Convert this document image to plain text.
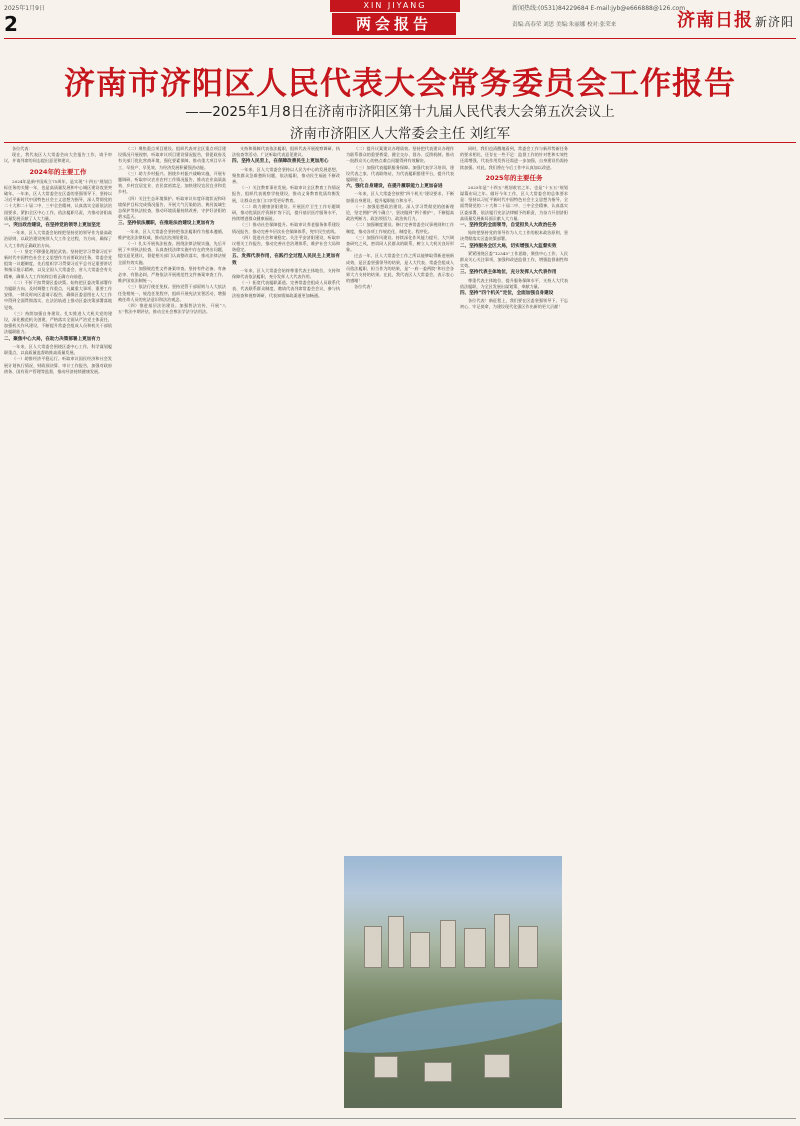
2025年1月9日	XIN JIYANG	新闻热线:(0531)84229684 E-mail:jyb@e666888@126.com
济南日报 新济阳
2	两会报告	责编:高春荣 刘思 美编:朱丽娜 校对:张荣来
济南市济阳区人民代表大会常务委员会工作报告
——2025年1月8日在济南市济阳区第十九届人民代表大会第五次会议上
济南市济阳区人大常委会主任 刘红军

各位代表：

现在，我代表区人大常委会向大会报告工作，请予审议，并请列席的同志提出意见和建议。

2024年的主要工作

2024年是新中国成立75周年，是实现“十四五”规划目标任务的关键一年，也是高质量发展和中心城区建设攻坚突破年。一年来，区人大常委会在区委的坚强领导下，坚持以习近平新时代中国特色社会主义思想为指导，深入贯彻党的二十大和二十届二中、三中全会精神，认真落实全面依法治国要求，紧扣全区中心工作，依法履职尽责，为推动济阳高质量发展贡献了人大力量。

一、突出政治建设，在坚持党的领导上更加坚定

一年来，区人大常委会始终把坚持党的领导作为最高政治原则，以政治建设统领人大工作全过程，为方向，确保了人大工作的正确政治方向。

（一）坚定不移强化理论武装。坚持把学习贯彻习近平新时代中国特色社会主义思想作为首要政治任务，常委会党组第一议题制度，先后组织学习贯彻习近平总书记重要讲话和指示批示精神，以及全国人大常委会、省人大常委会有关精神，确保人大工作始终沿着正确方向前进。

（二）不折不扣贯彻区委决策。始终把区委决策部署作为履职方向，及时调整工作重点，凡属重大事项、重要工作安排，一律及时向区委请示报告，确保区委意图在人大工作中得到全面贯彻落实，在法治轨道上推动区委决策部署落地见效。

（三）持续加强自身建设。扎实推进人大机关党的建设，深化模范机关创建，严格落实全面从严治党主体责任，加强机关作风建设，不断提升常委会组成人员和机关干部依法履职能力。

二、聚焦中心大局，在助力决策部署上更加有力

一年来，区人大常委会围绕区委中心工作，科学谋划履职重点，以高质量监督助推高质量发展。

（一）助推经济平稳运行。听取审议国民经济和社会发展计划执行情况、财政预决算、审计工作报告，加强对政府债务、国有资产管理等监督，推动经济持续健康发展。

（二）聚焦重点项目建设。组织代表对全区重点项目建设情况开展视察，听取审议项目建设情况报告，督促政府及有关部门优化营商环境，强化要素保障，推动重大项目早开工、早投产、早见效，为经济发展积蓄强劲动能。

（三）助力乡村振兴。围绕乡村振兴战略实施，开展专题调研，听取审议农业农村工作情况报告，推动农业高质高效、乡村宜居宜业、农民富裕富足，加快建设宜居宜业和美乡村。

（四）关注生态环境保护。听取审议年度环境状况和环境保护目标完成情况报告，开展大气污染防治、黄河流域生态保护等执法检查，推动环境质量持续改善，守护好济阳的碧水蓝天。

三、坚持依法履职，在推进法治建设上更加有为

一年来，区人大常委会坚持把依法履职作为根本遵循，维护宪法法律权威，推动法治济阳建设。

（一）扎实开展执法检查。围绕法律法规实施，先后开展了多项执法检查，认真查找法律实施中存在的突出问题，提出意见建议，督促相关部门认真整改落实，推动法律法规全面有效实施。

（二）加强规范性文件备案审查。坚持有件必备、有备必审、有错必纠，严格依法开展规范性文件备案审查工作，维护国家法制统一。

（三）依法行使任免权。坚持党管干部原则与人大依法任免相统一，规范任免程序，组织开展宪法宣誓活动，增强被任命人员的宪法意识和法治观念。

（四）推进基层法治建设。加强普法宣传，开展“八五”普法中期评估，推动全社会尊法学法守法用法。

支持和保障代表依法履职，组织代表开展视察调研、执法检查等活动，广泛听取代表意见建议。

四、坚持人民至上，在保障改善民生上更加用心

一年来，区人大常委会坚持以人民为中心的发展思想，聚焦群众急难愁盼问题，依法履职，推动民生福祉不断改善。

（一）关注教育事业发展。听取审议全区教育工作情况报告，组织代表视察学校建设，推动义务教育优质均衡发展，让群众在家门口享受更好教育。

（二）助力健康济阳建设。开展医疗卫生工作专题调研，推动优质医疗资源扩容下沉，提升基层医疗服务水平，持续增进群众健康福祉。

（三）推动社会保障提升。听取审议养老服务体系建设情况报告，推动完善多层次社会保障体系，兜牢民生底线。

（四）促进社会和谐稳定。关注平安济阳建设，听取审议相关工作报告，推动完善社会治理体系，维护社会大局和谐稳定。

五、发挥代表作用，在践行全过程人民民主上更加有效

一年来，区人大常委会始终尊重代表主体地位，支持和保障代表依法履职，充分发挥人大代表作用。

（一）拓宽代表履职渠道。完善常委会组成人员联系代表、代表联系群众制度，邀请代表列席常委会会议，参与执法检查和视察调研，代表知情知政渠道更加畅通。

（二）提升议案建议办理质效。坚持把代表建议办理作为联系群众的重要桥梁，健全交办、督办、反馈机制，推动一批群众关心的热点难点问题得到有效解决。

（三）加强代表履职服务保障。加强代表学习培训，建设代表之家、代表联络站，为代表履职搭建平台，提升代表履职能力。

六、强化自身建设，在提升履职能力上更加奋进

一年来，区人大常委会按照“四个机关”建设要求，不断加强自身建设，提升履职能力和水平。

（一）加强思想政治建设。深入学习贯彻党的创新理论，坚定拥护“两个确立”、坚决做到“两个维护”，不断提高政治判断力、政治领悟力、政治执行力。

（二）加强制度建设。修订完善常委会议事规则和工作制度，推动各项工作规范化、制度化、程序化。

（三）加强作风建设。持续深化作风能力提升，大兴调查研究之风，密切同人民群众的联系，树立人大机关良好形象。

过去一年，区人大常委会工作之所以能够取得新进展新成效，是区委坚强领导的结果，是人大代表、常委会组成人员依法履职、担当作为的结果，是“一府一委两院”和社会各界大力支持的结果。在此，我代表区人大常委会，表示衷心的感谢！

各位代表！

同时，我们也清醒地看到，常委会工作与新形势新任务的要求相比，还存在一些不足：监督工作的针对性和实效性还需增强，代表作用发挥还需进一步加强，自身建设仍需持续加强。对此，我们将在今后工作中认真加以改进。

2025年的主要任务

2025年是“十四五”规划收官之年，也是“十五五”规划谋篇布局之年。做好今年工作，区人大常委会的总体要求是：坚持以习近平新时代中国特色社会主义思想为指导，全面贯彻党的二十大和二十届二中、三中全会精神，认真落实区委部署，依法履行宪法法律赋予的职责，为奋力开创济阳高质量发展新局面贡献人大力量。

一、坚持党的全面领导，自觉担负人大政治任务

始终把坚持党的领导作为人大工作的根本政治原则，坚决贯彻落实区委决策部署。

二、坚持服务全区大局，切实增强人大监督实效

紧紧围绕区委“12345”工作思路，聚焦中心工作、人民群众关心关注事项，加强和改进监督工作，增强监督刚性和实效。

三、坚持代表主体地位，充分发挥人大代表作用

尊重代表主体地位，提升服务保障水平，支持人大代表依法履职，为全区发展出谋划策、奉献力量。

四、坚持“四个机关”定位，全面加强自身建设

各位代表！新征程上，我们要在区委坚强领导下，不忘初心、牢记使命，为建设现代化强区作出新的更大贡献！
